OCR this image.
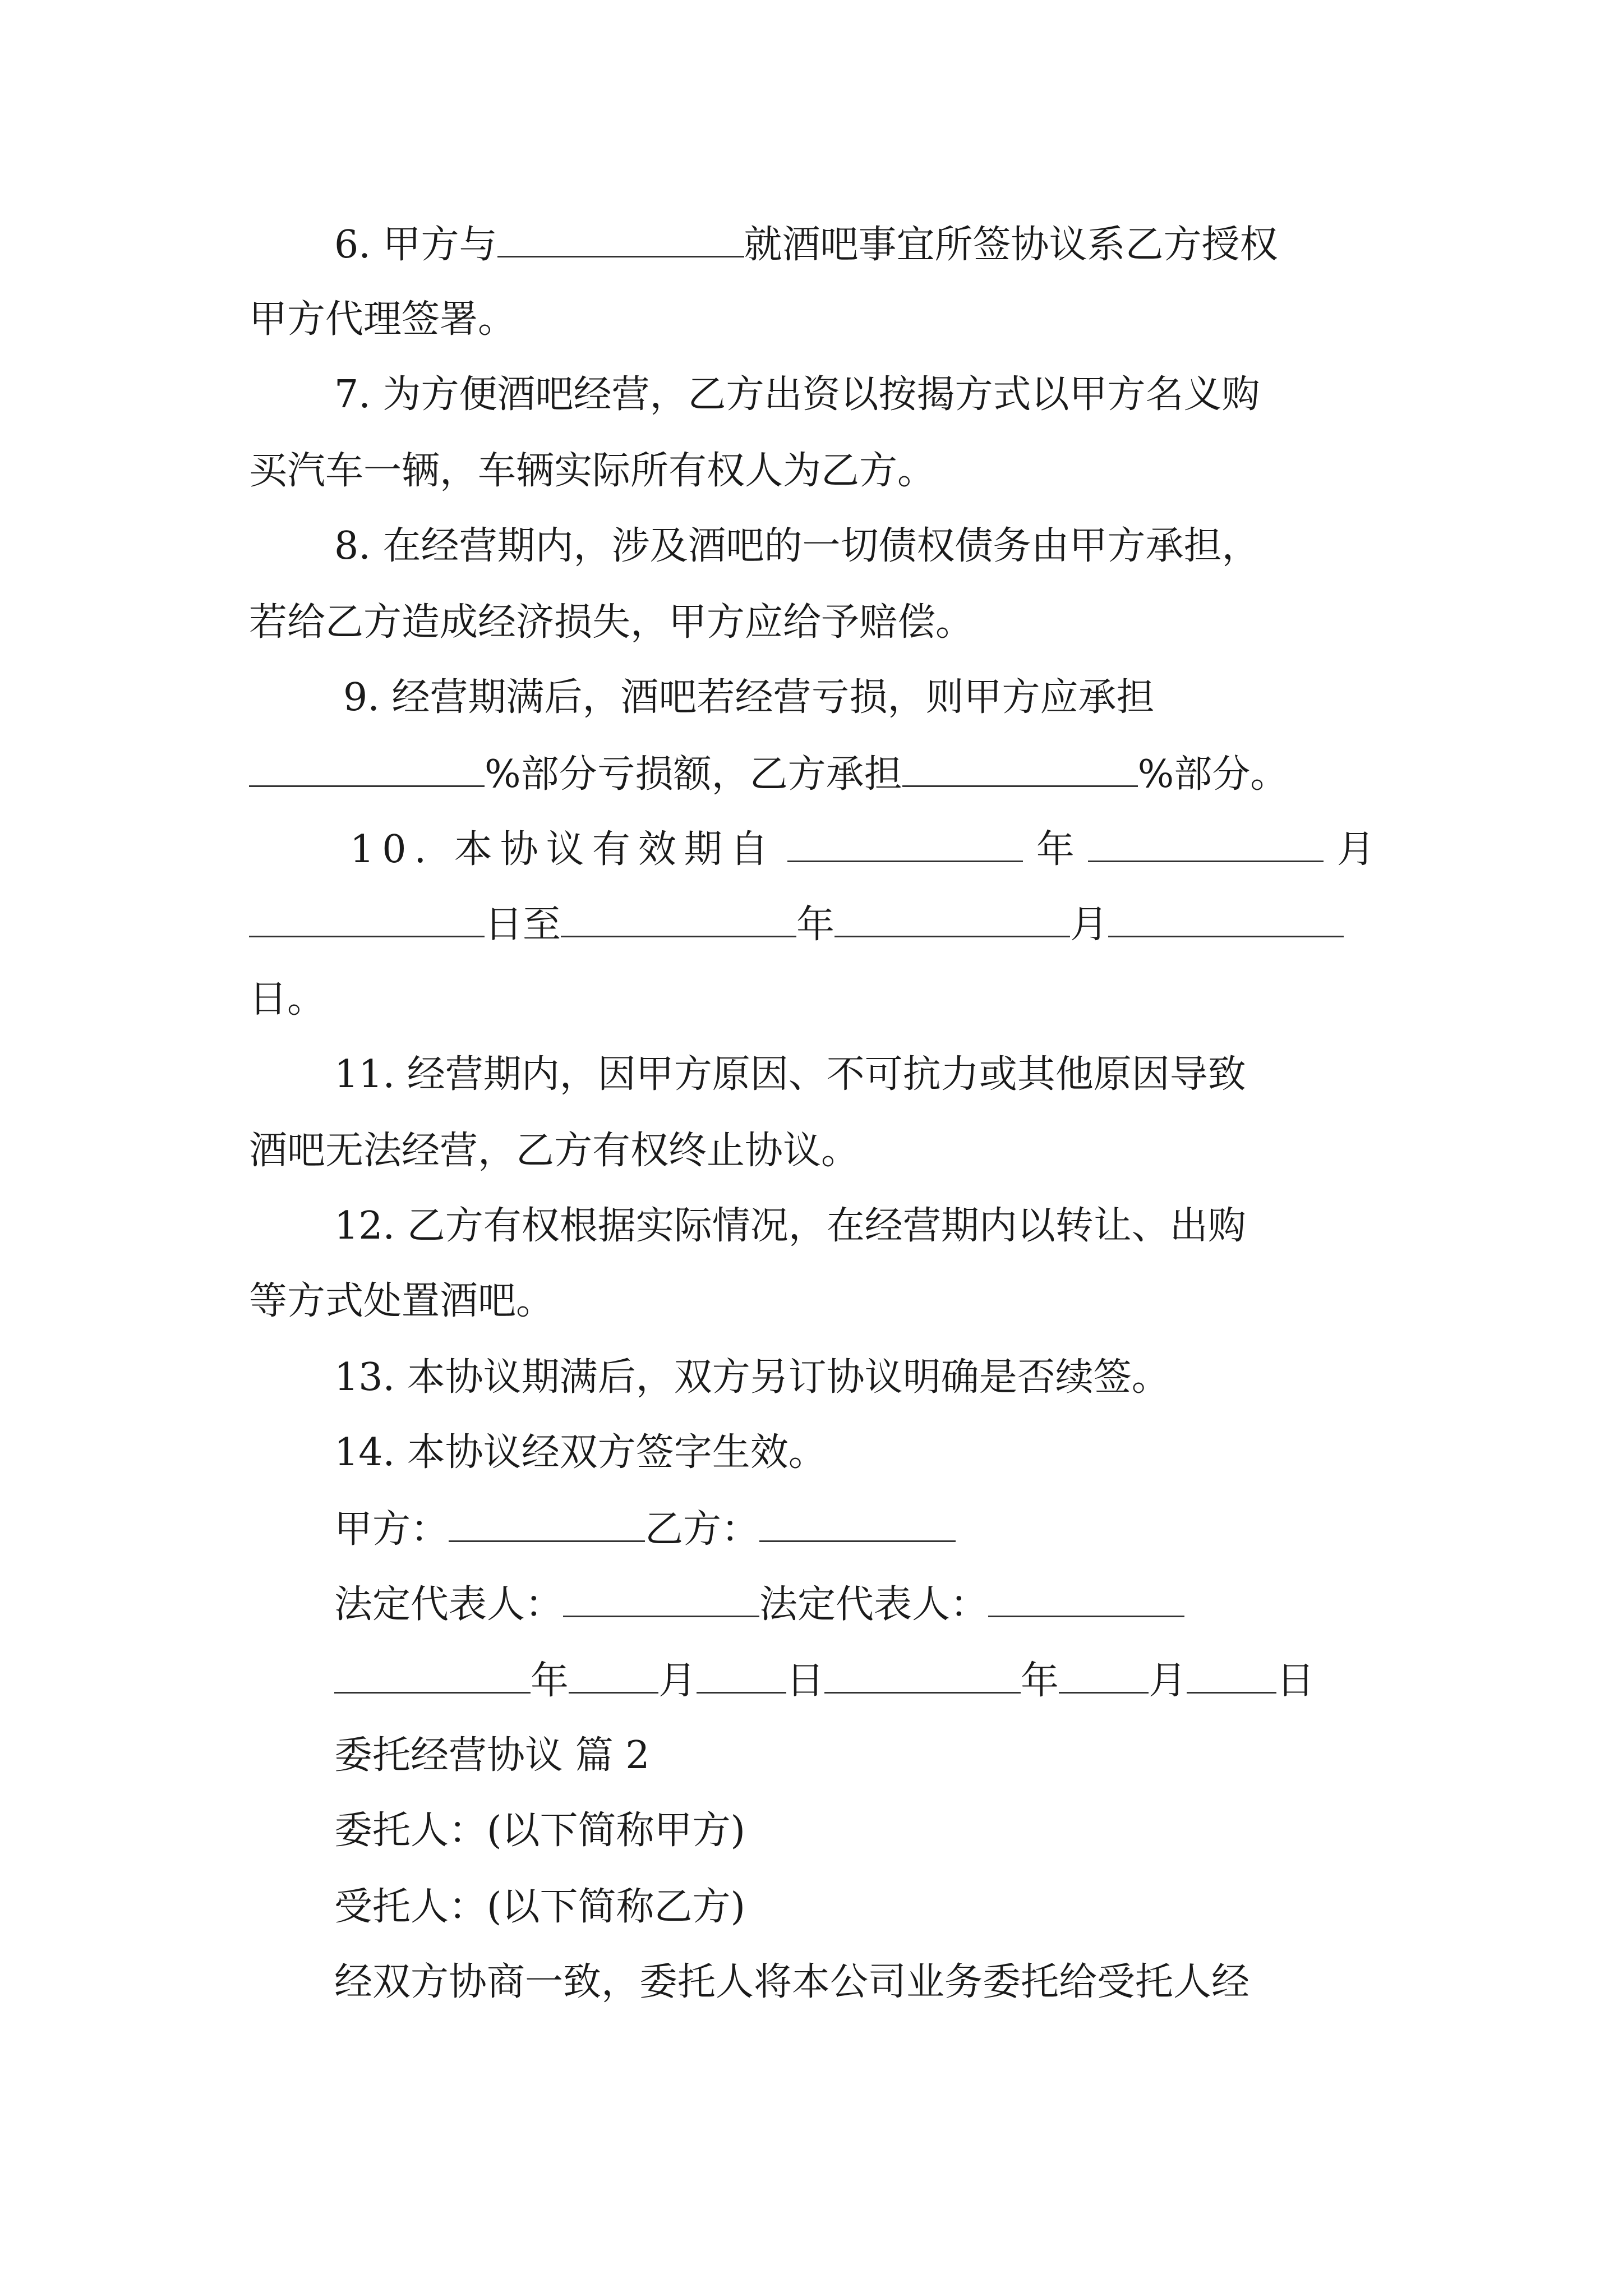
6. 甲方与	就酒吧事宜所签协议系乙方授权
甲方代理签署。
7. 为方便酒吧经营，乙方出资以按揭方式以甲方名义购
买汽车一辆，车辆实际所有权人为乙方。
8. 在经营期内，涉及酒吧的一切债权债务由甲方承担，
若给乙方造成经济损失，甲方应给予赔偿。
9. 经营期满后，酒吧若经营亏损，则甲方应承担
%部分亏损额，乙方承担	%部分。
10. 本协议有效期自	年	月
日至	年	月
日。
11. 经营期内，因甲方原因、不可抗力或其他原因导致
酒吧无法经营，乙方有权终止协议。
12. 乙方有权根据实际情况，在经营期内以转让、出购
等方式处置酒吧。
13. 本协议期满后，双方另订协议明确是否续签。
14. 本协议经双方签字生效。
甲方：	乙方：
法定代表人：	法定代表人：
年 月 日	年 月 日
委托经营协议 篇 2
委托人：(以下简称甲方)
受托人：(以下简称乙方)
经双方协商一致，委托人将本公司业务委托给受托人经
